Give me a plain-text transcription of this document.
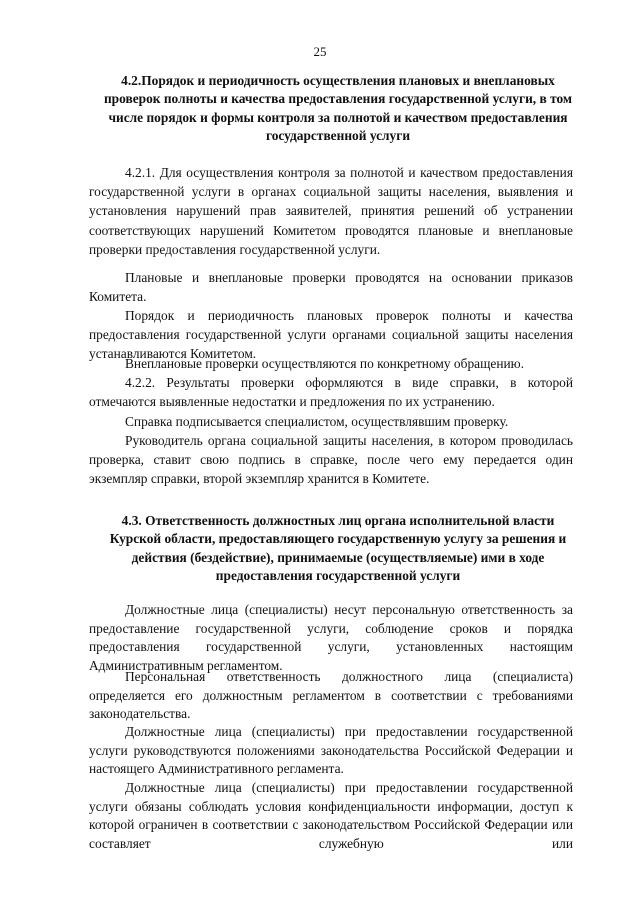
25
4.2.Порядок и периодичность осуществления плановых и внеплановых проверок полноты и качества предоставления государственной услуги, в том числе порядок и формы контроля за полнотой и качеством предоставления государственной услуги

4.2.1. Для осуществления контроля за полнотой и качеством предоставления государственной услуги в органах социальной защиты населения, выявления и установления нарушений прав заявителей, принятия решений об устранении соответствующих нарушений Комитетом проводятся плановые и внеплановые проверки предоставления государственной услуги.

Плановые и внеплановые проверки проводятся на основании приказов Комитета.

Порядок и периодичность плановых проверок полноты и качества предоставления государственной услуги органами социальной защиты населения устанавливаются Комитетом.

Внеплановые проверки осуществляются по конкретному обращению.

4.2.2. Результаты проверки оформляются в виде справки, в которой отмечаются выявленные недостатки и предложения по их устранению.

Справка подписывается специалистом, осуществлявшим проверку.

Руководитель органа социальной защиты населения, в котором проводилась проверка, ставит свою подпись в справке, после чего ему передается один экземпляр справки, второй экземпляр хранится в Комитете.

4.3. Ответственность должностных лиц органа исполнительной власти Курской области, предоставляющего государственную услугу за решения и действия (бездействие), принимаемые (осуществляемые) ими в ходе предоставления государственной услуги

Должностные лица (специалисты) несут персональную ответственность за предоставление государственной услуги, соблюдение сроков и порядка предоставления государственной услуги, установленных настоящим Административным регламентом.

Персональная ответственность должностного лица (специалиста) определяется его должностным регламентом в соответствии с требованиями законодательства.

Должностные лица (специалисты) при предоставлении государственной услуги руководствуются положениями законодательства Российской Федерации и настоящего Административного регламента.

Должностные лица (специалисты) при предоставлении государственной услуги обязаны соблюдать условия конфиденциальности информации, доступ к которой ограничен в соответствии с законодательством Российской Федерации или составляет служебную или
